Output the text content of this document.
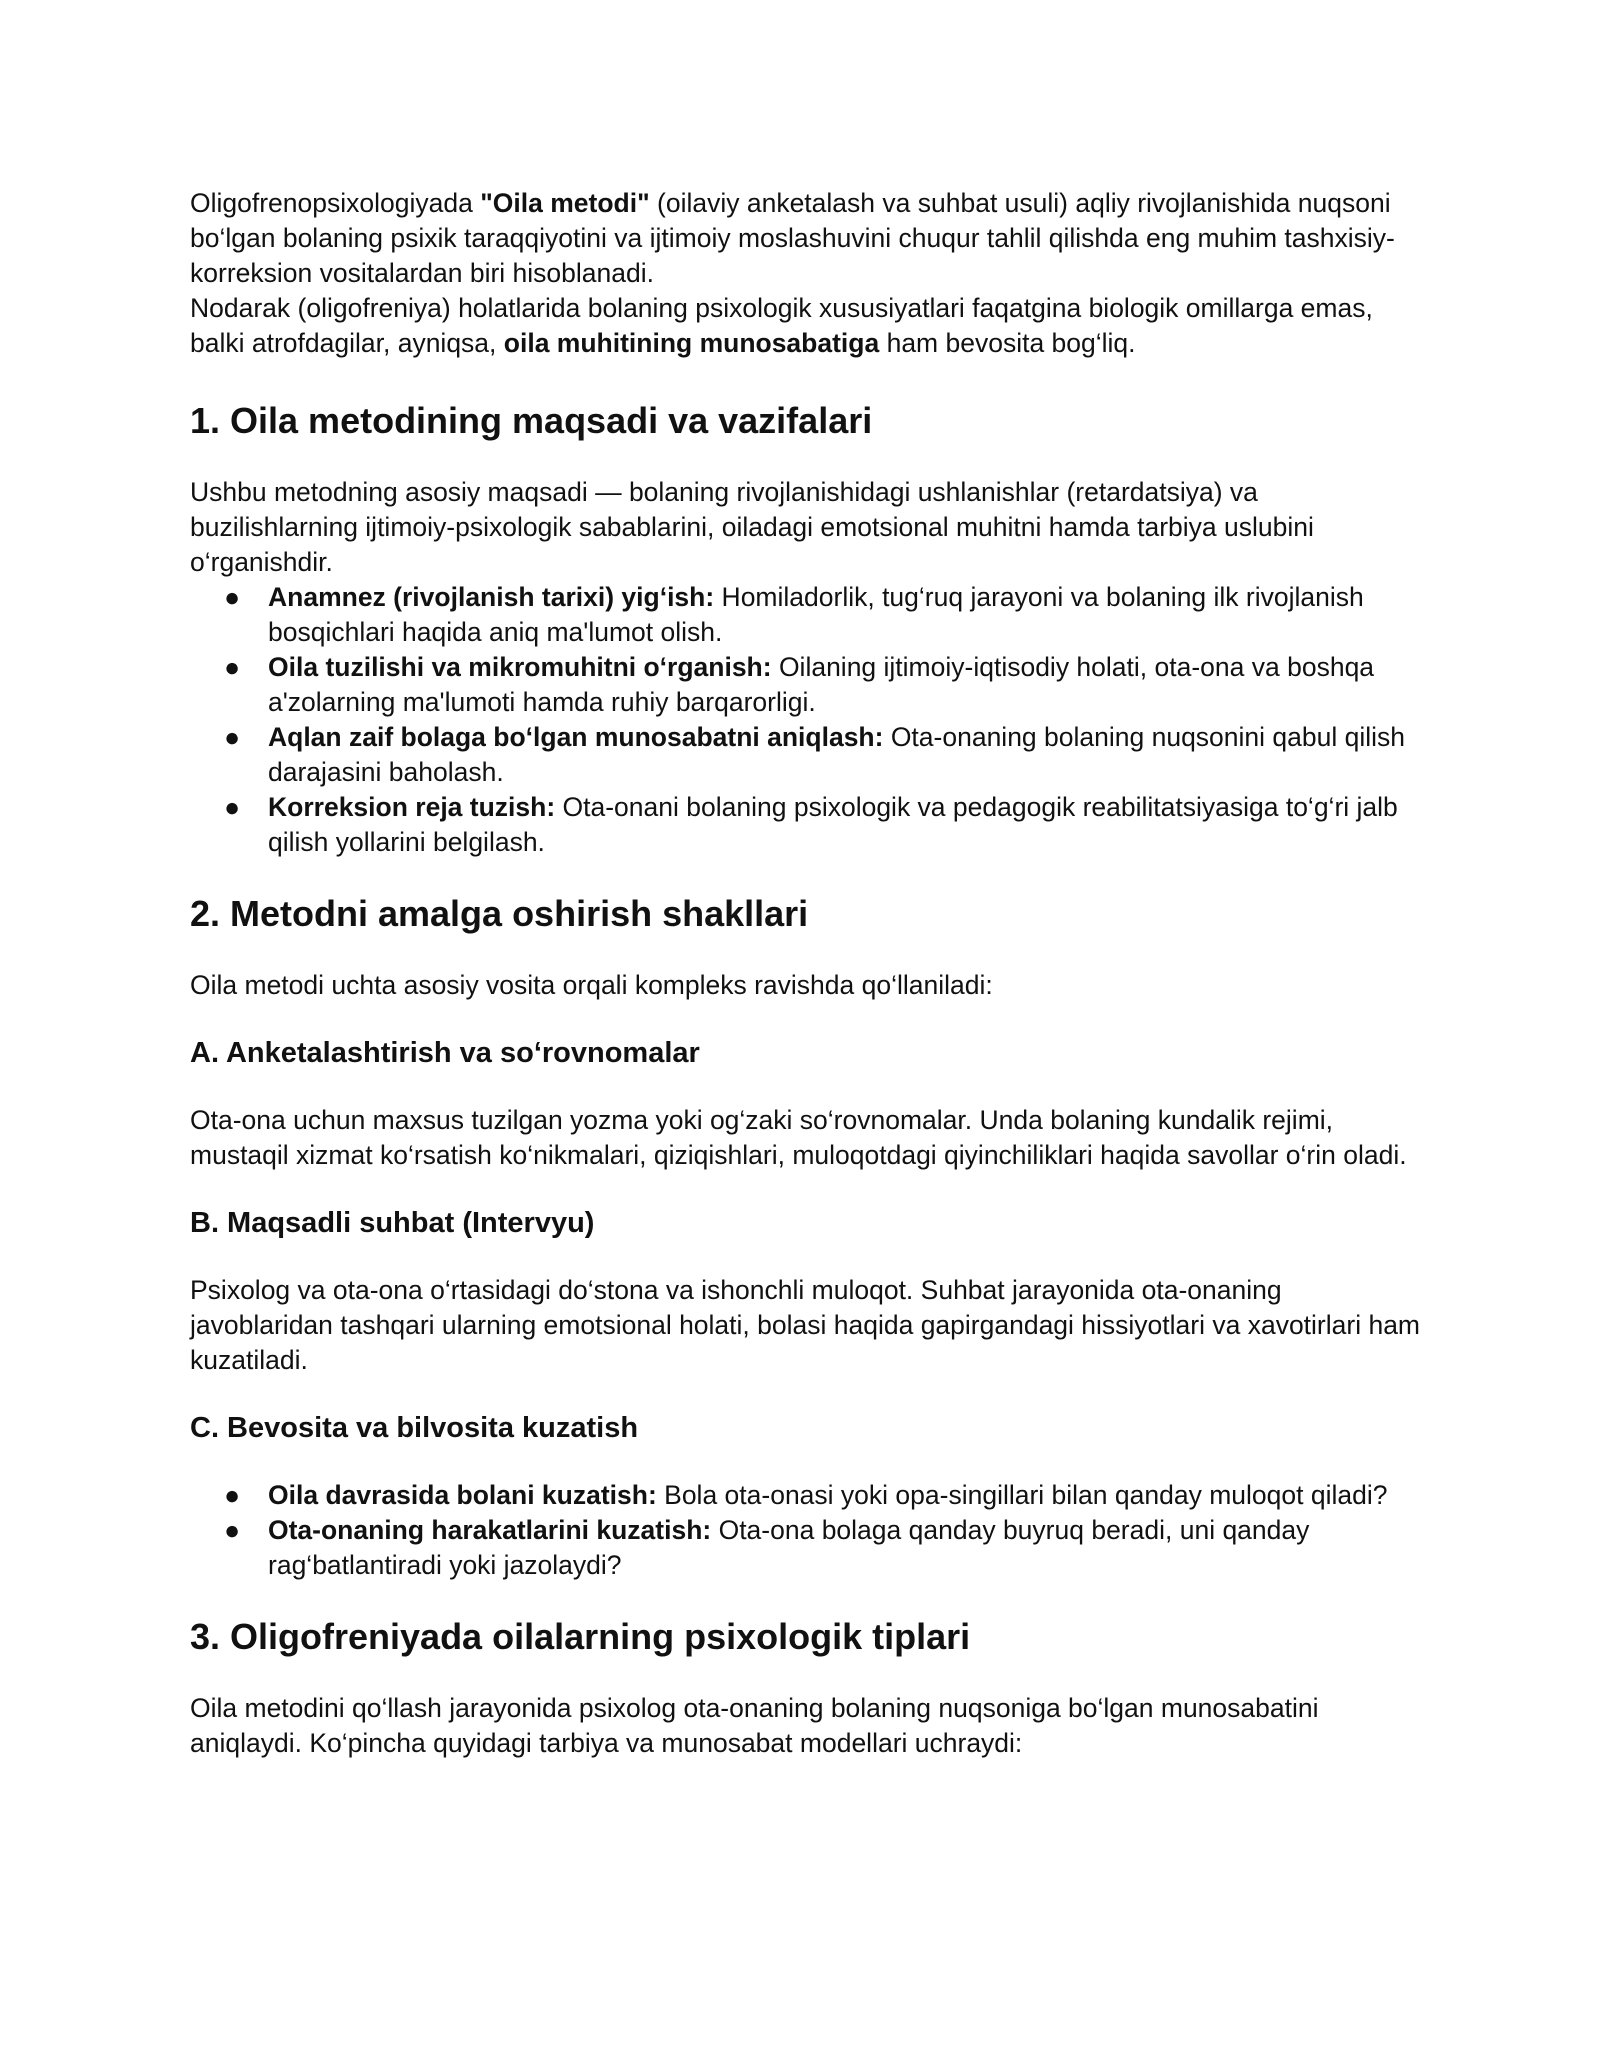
Oligofrenopsixologiyada "Oila metodi" (oilaviy anketalash va suhbat usuli) aqliy rivojlanishida nuqsoni bo‘lgan bolaning psixik taraqqiyotini va ijtimoiy moslashuvini chuqur tahlil qilishda eng muhim tashxisiy-korreksion vositalardan biri hisoblanadi.

Nodarak (oligofreniya) holatlarida bolaning psixologik xususiyatlari faqatgina biologik omillarga emas, balki atrofdagilar, ayniqsa, oila muhitining munosabatiga ham bevosita bog‘liq.

1. Oila metodining maqsadi va vazifalari

Ushbu metodning asosiy maqsadi — bolaning rivojlanishidagi ushlanishlar (retardatsiya) va buzilishlarning ijtimoiy-psixologik sabablarini, oiladagi emotsional muhitni hamda tarbiya uslubini o‘rganishdir.

● Anamnez (rivojlanish tarixi) yig‘ish: Homiladorlik, tug‘ruq jarayoni va bolaning ilk rivojlanish bosqichlari haqida aniq ma'lumot olish.
● Oila tuzilishi va mikromuhitni o‘rganish: Oilaning ijtimoiy-iqtisodiy holati, ota-ona va boshqa a'zolarning ma'lumoti hamda ruhiy barqarorligi.
● Aqlan zaif bolaga bo‘lgan munosabatni aniqlash: Ota-onaning bolaning nuqsonini qabul qilish darajasini baholash.
● Korreksion reja tuzish: Ota-onani bolaning psixologik va pedagogik reabilitatsiyasiga to‘g‘ri jalb qilish yollarini belgilash.
2. Metodni amalga oshirish shakllari

Oila metodi uchta asosiy vosita orqali kompleks ravishda qo‘llaniladi:

A. Anketalashtirish va so‘rovnomalar

Ota-ona uchun maxsus tuzilgan yozma yoki og‘zaki so‘rovnomalar. Unda bolaning kundalik rejimi, mustaqil xizmat ko‘rsatish ko‘nikmalari, qiziqishlari, muloqotdagi qiyinchiliklari haqida savollar o‘rin oladi.

B. Maqsadli suhbat (Intervyu)

Psixolog va ota-ona o‘rtasidagi do‘stona va ishonchli muloqot. Suhbat jarayonida ota-onaning javoblaridan tashqari ularning emotsional holati, bolasi haqida gapirgandagi hissiyotlari va xavotirlari ham kuzatiladi.

C. Bevosita va bilvosita kuzatish
● Oila davrasida bolani kuzatish: Bola ota-onasi yoki opa-singillari bilan qanday muloqot qiladi?
● Ota-onaning harakatlarini kuzatish: Ota-ona bolaga qanday buyruq beradi, uni qanday rag‘batlantiradi yoki jazolaydi?
3. Oligofreniyada oilalarning psixologik tiplari

Oila metodini qo‘llash jarayonida psixolog ota-onaning bolaning nuqsoniga bo‘lgan munosabatini aniqlaydi. Ko‘pincha quyidagi tarbiya va munosabat modellari uchraydi:
